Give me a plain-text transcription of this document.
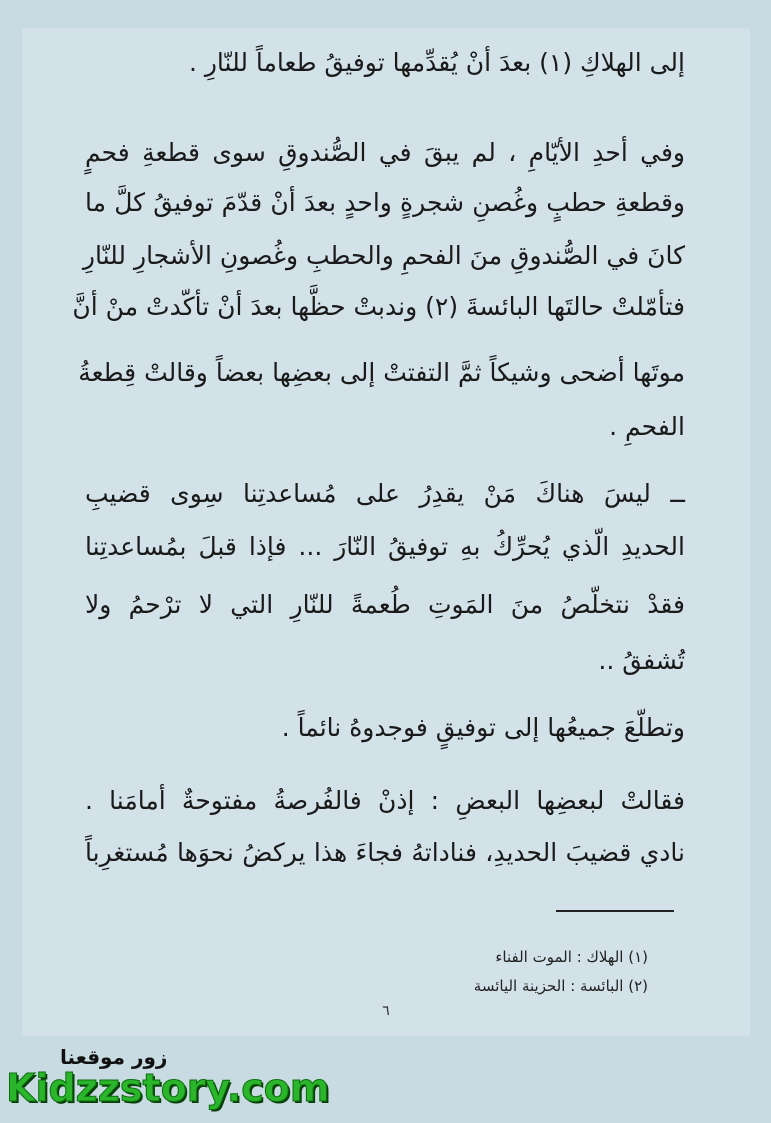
إلى الهلاكِ (١) بعدَ أنْ يُقدِّمها توفيقُ طعاماً للنّارِ .
وفي أحدِ الأيّامِ ، لم يبقَ في الصُّندوقِ سوى قطعةِ فحمٍ
وقطعةِ حطبٍ وغُصنِ شجرةٍ واحدٍ بعدَ أنْ قدّمَ توفيقُ كلَّ ما
كانَ في الصُّندوقِ منَ الفحمِ والحطبِ وغُصونِ الأشجارِ للنّارِ
فتأمّلتْ حالتَها البائسةَ (٢) وندبتْ حظَّها بعدَ أنْ تأكّدتْ منْ أنَّ
موتَها أضحى وشيكاً ثمَّ التفتتْ إلى بعضِها بعضاً وقالتْ قِطعةُ
الفحمِ .
ــ ليسَ هناكَ مَنْ يقدِرُ على مُساعدتِنا سِوى قضيبِ
الحديدِ الّذي يُحرِّكُ بهِ توفيقُ النّارَ ... فإذا قبلَ بمُساعدتِنا
فقدْ نتخلّصُ منَ المَوتِ طُعمةً للنّارِ التي لا ترْحمُ ولا
تُشفقُ ..
وتطلّعَ جميعُها إلى توفيقٍ فوجدوهُ نائماً .
فقالتْ لبعضِها البعضِ : إذنْ فالفُرصةُ مفتوحةٌ أمامَنا .
نادي قضيبَ الحديدِ، فناداتهُ فجاءَ هذا يركضُ نحوَها مُستغرِباً
(١) الهلاك : الموت الفناء
(٢) البائسة : الحزينة اليائسة
٦
زور موقعنا
Kidzzstory.com
